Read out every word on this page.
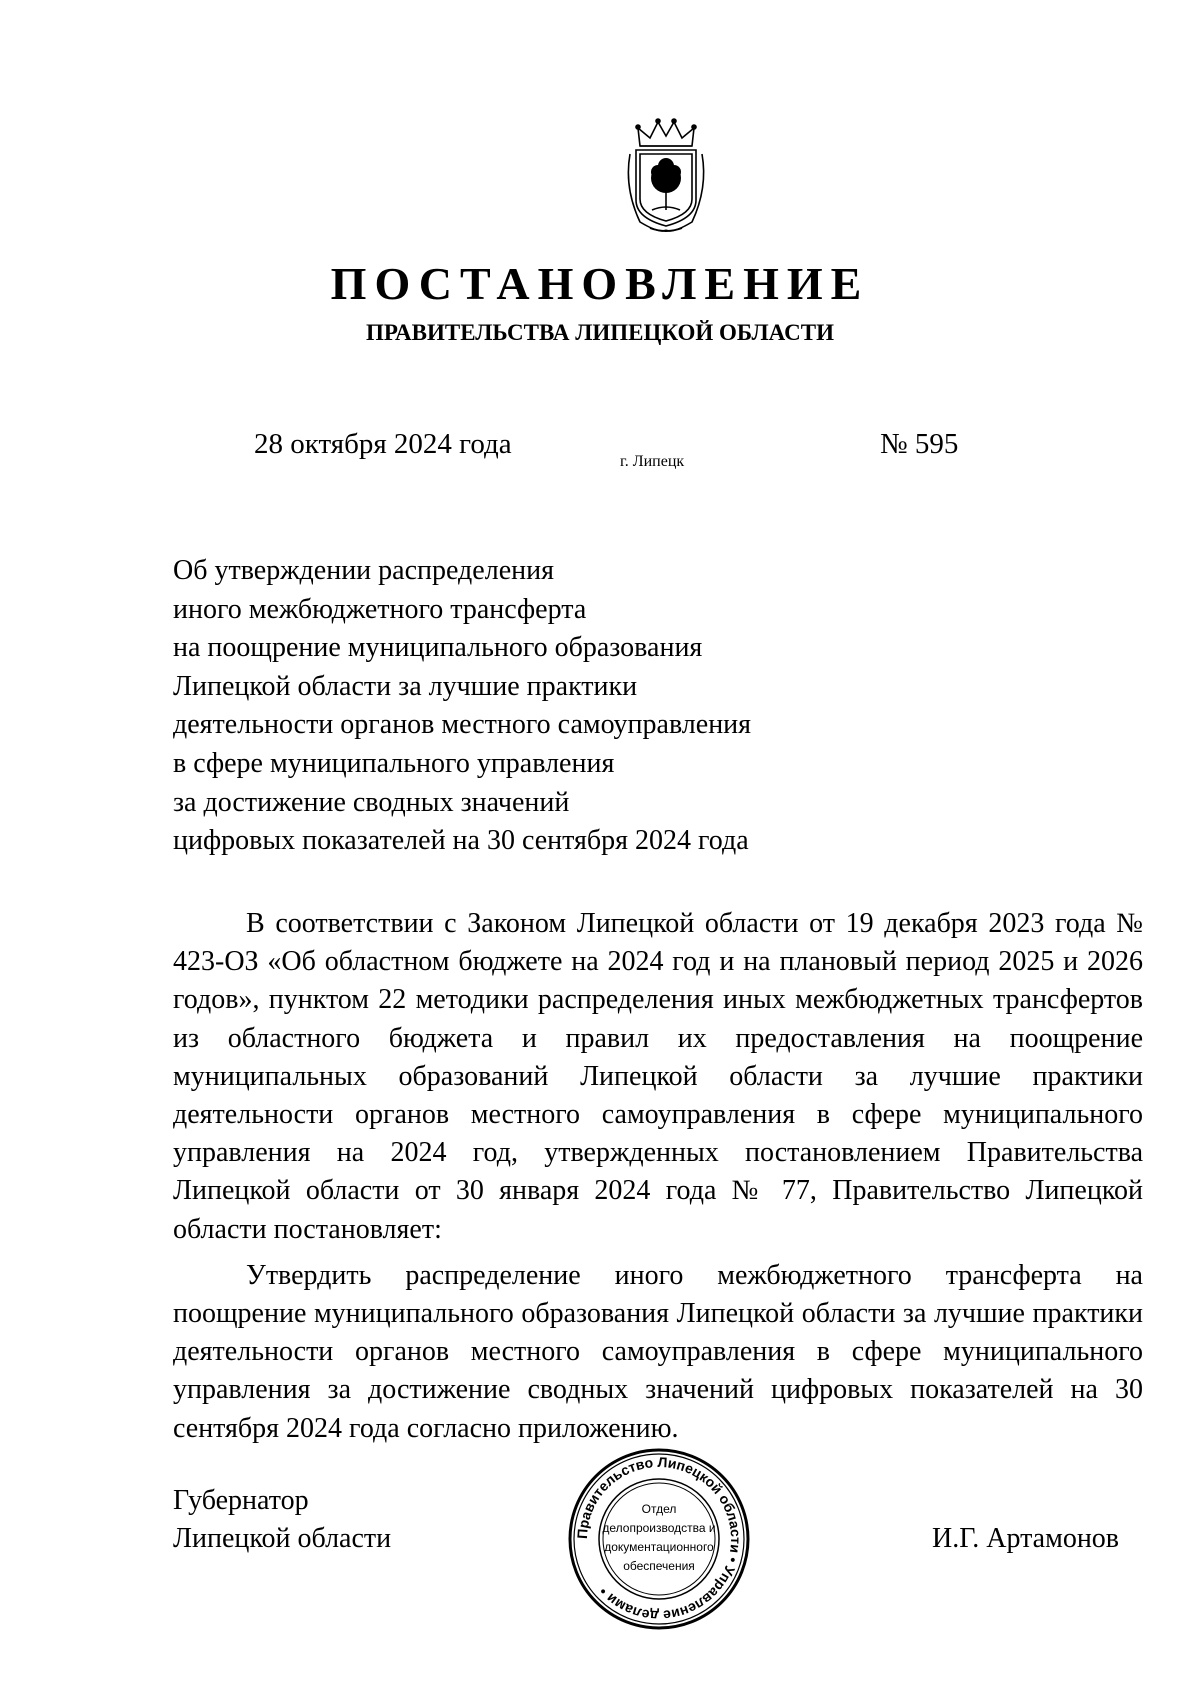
ПОСТАНОВЛЕНИЕ
ПРАВИТЕЛЬСТВА ЛИПЕЦКОЙ ОБЛАСТИ
28 октября 2024 года
г. Липецк
№ 595
Об утверждении распределения
иного межбюджетного трансферта
на поощрение муниципального образования
Липецкой области за лучшие практики
деятельности органов местного самоуправления
в сфере муниципального управления
за достижение сводных значений
цифровых показателей на 30 сентября 2024 года

В соответствии с Законом Липецкой области от 19 декабря 2023 года № 423-ОЗ «Об областном бюджете на 2024 год и на плановый период 2025 и 2026 годов», пунктом 22 методики распределения иных межбюджетных трансфертов из областного бюджета и правил их предоставления на поощрение муниципальных образований Липецкой области за лучшие практики деятельности органов местного самоуправления в сфере муниципального управления на 2024 год, утвержденных постановлением Правительства Липецкой области от 30 января 2024 года № 77, Правительство Липецкой области постановляет:

Утвердить распределение иного межбюджетного трансферта на поощрение муниципального образования Липецкой области за лучшие практики деятельности органов местного самоуправления в сфере муниципального управления за достижение сводных значений цифровых показателей на 30 сентября 2024 года согласно приложению.

Губернатор
Липецкой области	Правительство Липецкой области • Управление делами •
Отдел
делопроизводства и
документационного
обеспечения
И.Г. Артамонов
